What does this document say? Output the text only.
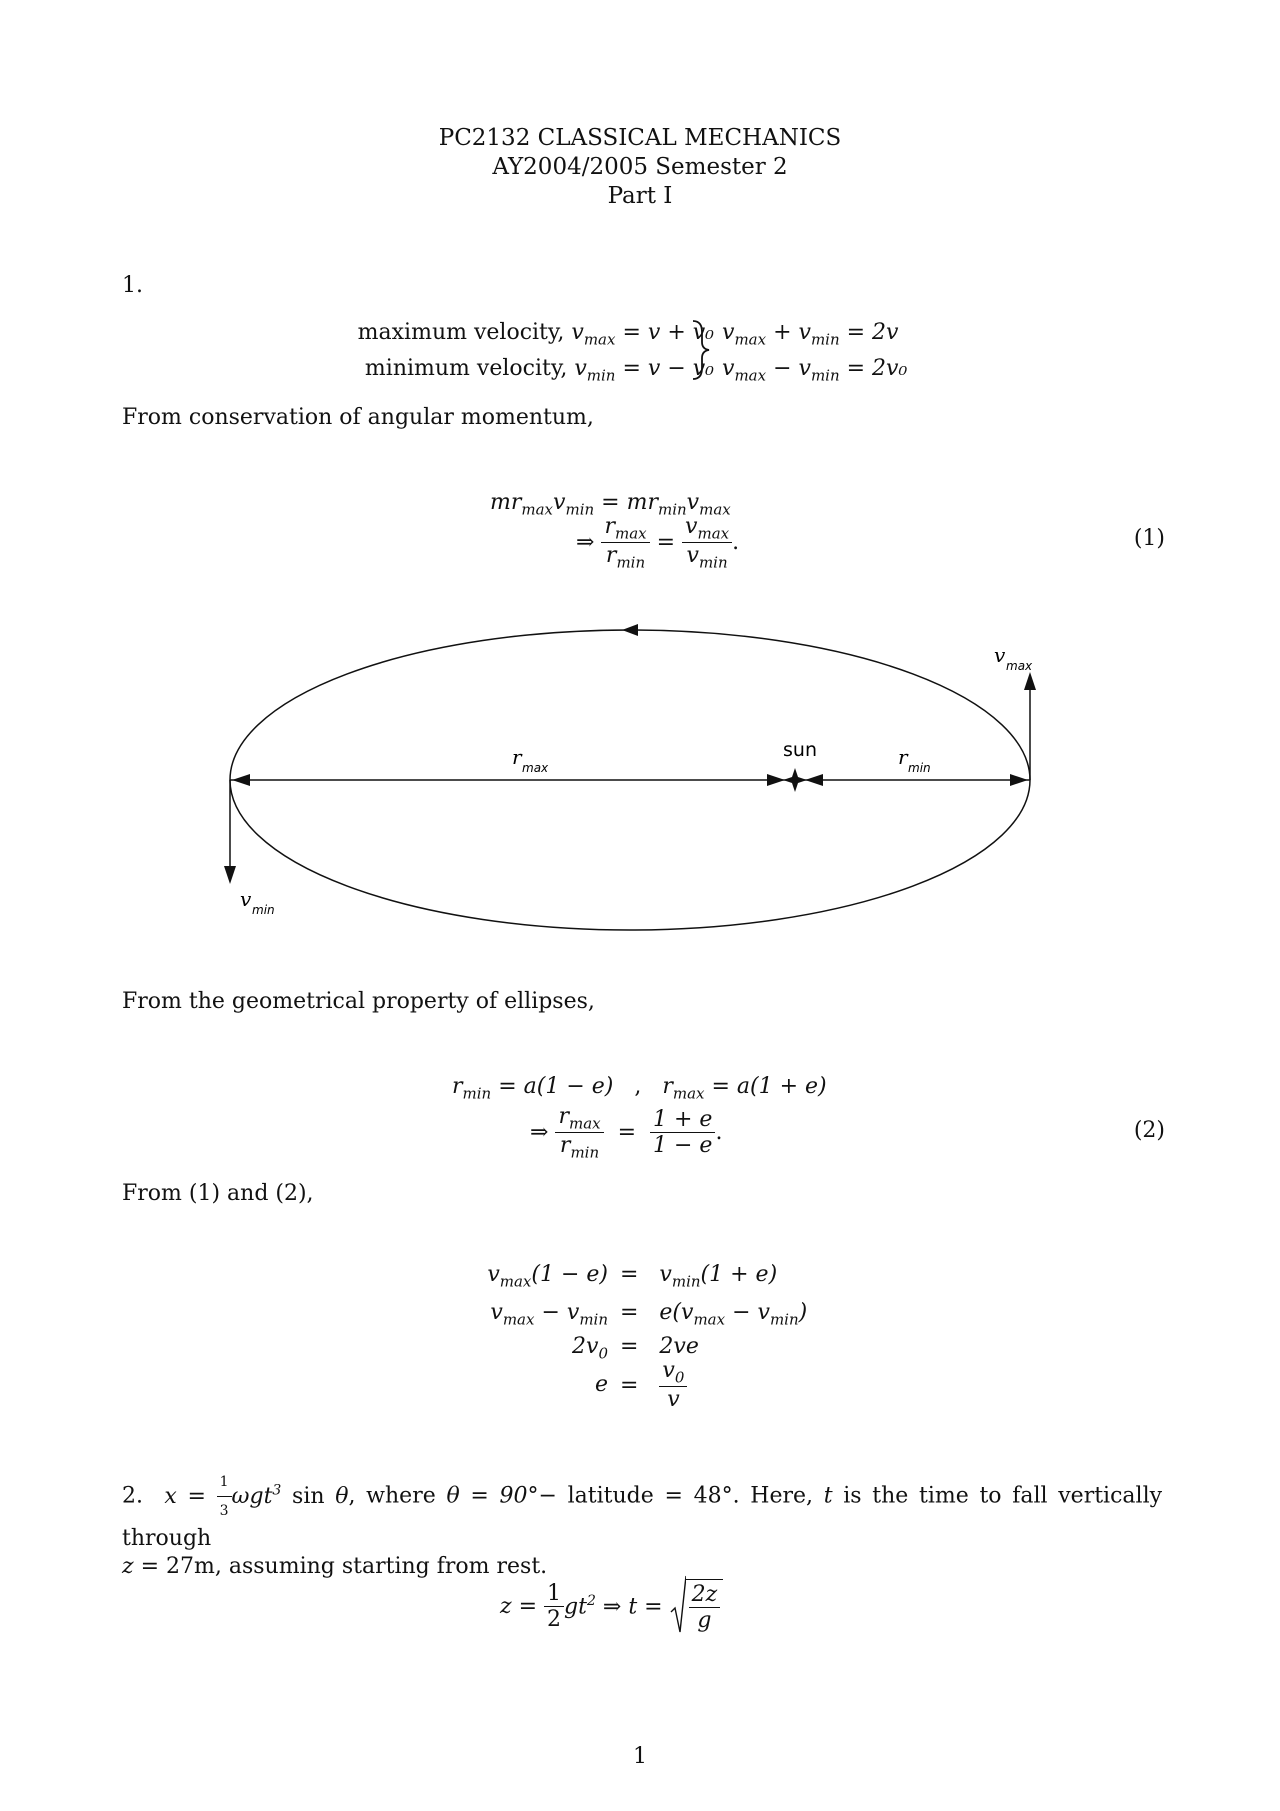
PC2132 CLASSICAL MECHANICS
AY2004/2005 Semester 2
Part I
1.
maximum velocity, $v_{max} = v + v_0$
minimum velocity, $v_{min} = v - v_0$
$v_{max} + v_{min} = 2v$
$v_{max} - v_{min} = 2v_0$
From conservation of angular momentum,
$mr_{max}v_{min} = mr_{min}v_{max}$
⇒ $\frac{r_{max}}{r_{min}} = \frac{v_{max}}{v_{min}}$ .	(1)
sun
r max	r min
v max
v min
From the geometrical property of ellipses,
$r_{min} = a(1 - e)$   ,   $r_{max} = a(1 + e)$
⇒ $\frac{r_{max}}{r_{min}} = \frac{1 + e}{1 - e}$ .	(2)
From (1) and (2),
$v_{max}(1 - e) = v_{min}(1 + e)$
$v_{max} - v_{min} = e(v_{max} - v_{min})$
$2v_0 = 2ve$
$e = \frac{v_0}{v}$
2.  $x = \frac{1}{3} \omega gt^3$ sin θ, where θ = 90°− latitude = 48°. Here, t is the time to fall vertically through
z = 27m, assuming starting from rest.
$z = \frac{1}{2} gt^2$ ⇒ t =	$\frac{2z}{g}$
1
